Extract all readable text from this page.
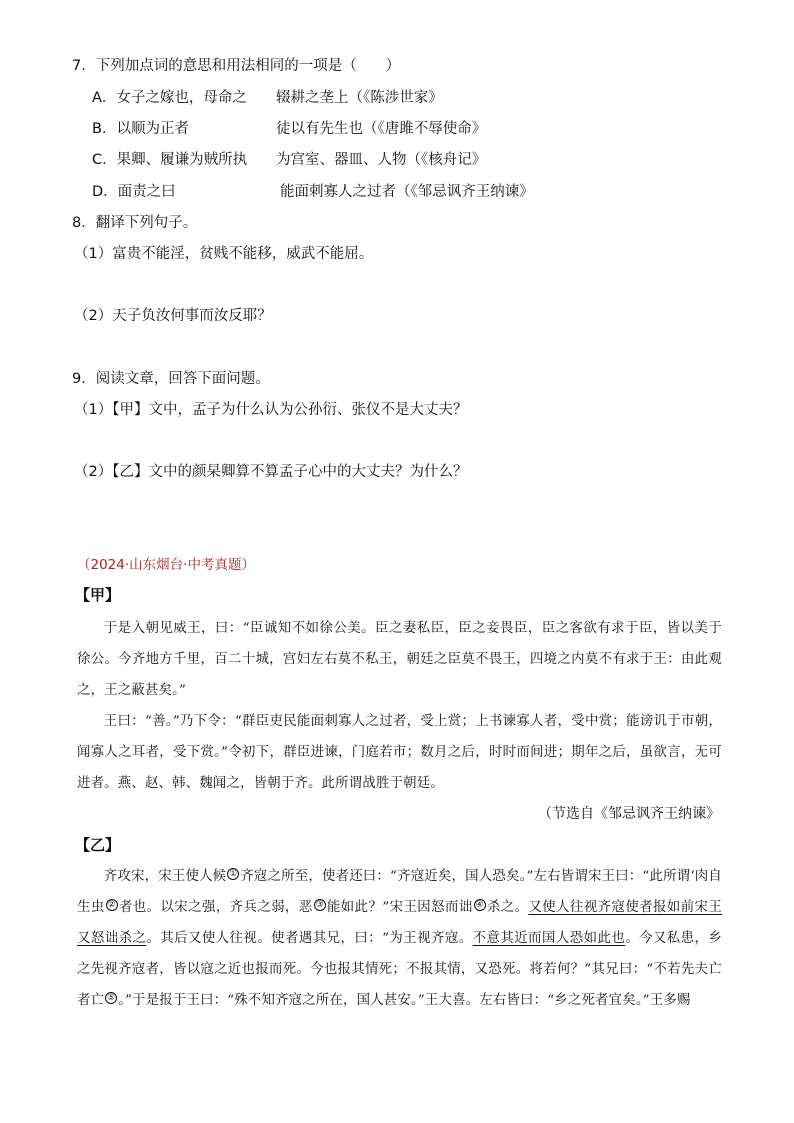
7．下列加点词的意思和用法相同的一项是（　　）
A．女子之嫁也，母命之 辍耕之垄上（《陈涉世家》
B．以顺为正者	徒以有先生也（《唐雎不辱使命》
C．果卿、履谦为贼所执 为宫室、器皿、人物（《核舟记》
D．面责之曰	能面刺寡人之过者（《邹忌讽齐王纳谏》
8．翻译下列句子。
（1）富贵不能淫，贫贱不能移，威武不能屈。
（2）天子负汝何事而汝反耶？
9．阅读文章，回答下面问题。
（1）【甲】文中，孟子为什么认为公孙衍、张仪不是大丈夫？
（2）【乙】文中的颜杲卿算不算孟子心中的大丈夫？为什么？
（2024·山东烟台·中考真题）
【甲】

于是入朝见威王，曰：“臣诚知不如徐公美。臣之妻私臣，臣之妾畏臣，臣之客欲有求于臣，皆以美于徐公。今齐地方千里，百二十城，宫妇左右莫不私王，朝廷之臣莫不畏王，四境之内莫不有求于王：由此观之，王之蔽甚矣。”

王曰：“善。”乃下令：“群臣吏民能面刺寡人之过者，受上赏；上书谏寡人者，受中赏；能谤讥于市朝，闻寡人之耳者，受下赏。”令初下，群臣进谏，门庭若市；数月之后，时时而间进；期年之后，虽欲言，无可进者。燕、赵、韩、魏闻之，皆朝于齐。此所谓战胜于朝廷。

（节选自《邹忌讽齐王纳谏》
【乙】

齐攻宋，宋王使人候 ① 齐寇之所至，使者还曰：“齐寇近矣，国人恐矣。”左右皆谓宋王曰：“此所谓‘肉自生虫 ② 者也。以宋之强，齐兵之弱，恶 ③ 能如此？”宋王因怒而诎 ④ 杀之。又使人往视齐寇使者报如前宋王又怒诎杀之。其后又使人往视。使者遇其兄，曰：“为王视齐寇。不意其近而国人恐如此也。今又私患，乡之先视齐寇者，皆以寇之近也报而死。今也报其情死；不报其情，又恐死。将若何？”其兄曰：“不若先夫亡者亡 ⑤ 。”于是报于王曰：“殊不知齐寇之所在，国人甚安。”王大喜。左右皆曰：“乡之死者宜矣。”王多赐
